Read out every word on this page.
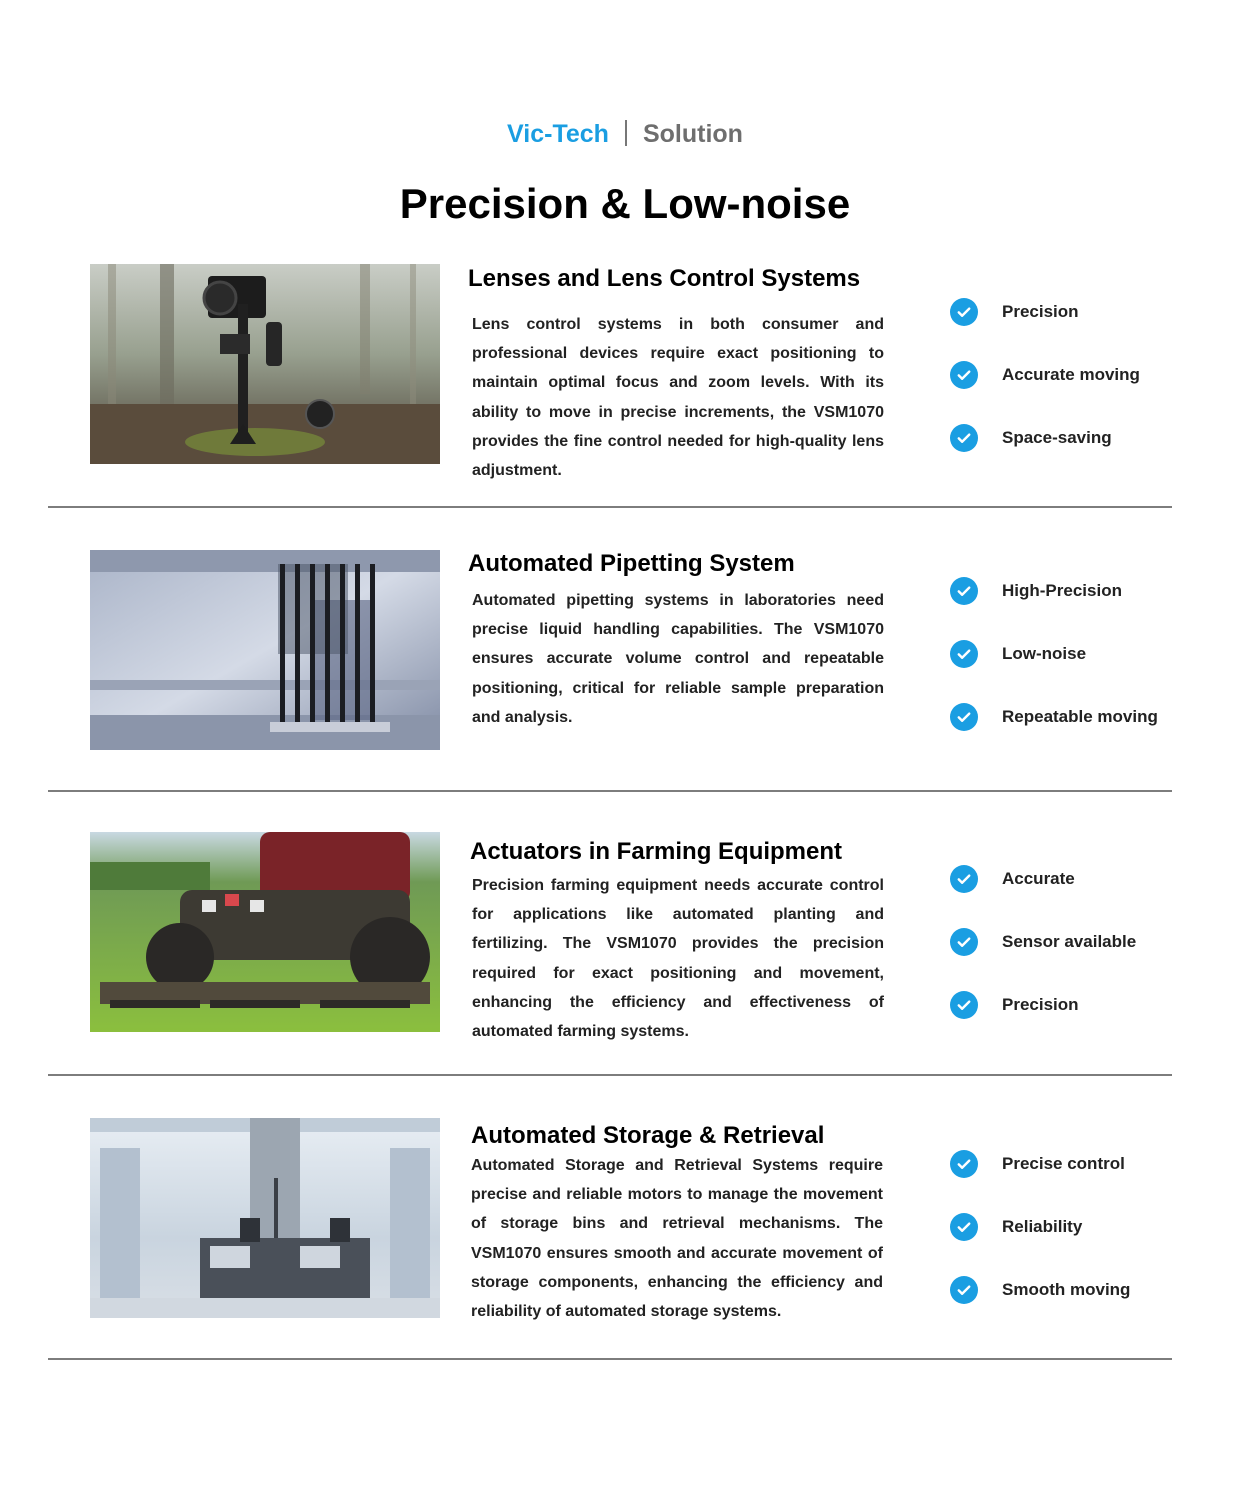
Vic-Tech Solution
Precision & Low-noise
Lenses and Lens Control Systems

Lens control systems in both consumer and professional devices require exact positioning to maintain optimal focus and zoom levels. With its ability to move in precise increments, the VSM1070 provides the fine control needed for high-quality lens adjustment.

Precision
Accurate moving
Space-saving
Automated Pipetting System

Automated pipetting systems in laboratories need precise liquid handling capabilities. The VSM1070 ensures accurate volume control and repeatable positioning, critical for reliable sample preparation and analysis.

High-Precision
Low-noise
Repeatable moving
Actuators in Farming Equipment

Precision farming equipment needs accurate control for applications like automated planting and fertilizing. The VSM1070 provides the precision required for exact positioning and movement, enhancing the efficiency and effectiveness of automated farming systems.

Accurate
Sensor available
Precision
Automated Storage & Retrieval

Automated Storage and Retrieval Systems require precise and reliable motors to manage the movement of storage bins and retrieval mechanisms. The VSM1070 ensures smooth and accurate movement of storage components, enhancing the efficiency and reliability of automated storage systems.

Precise control
Reliability
Smooth moving
